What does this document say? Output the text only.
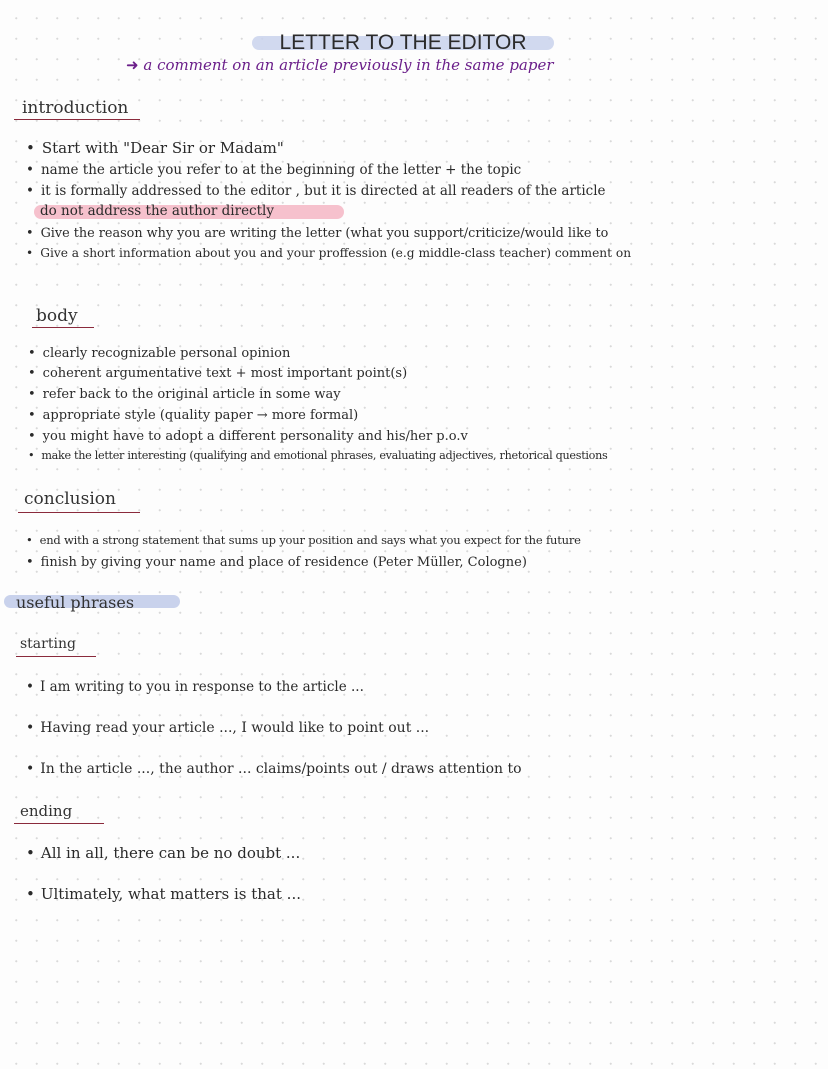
LETTER TO THE EDITOR
➜ a comment on an article previously in the same paper
introduction
• Start with "Dear Sir or Madam"
• name the article you refer to at the beginning of the letter + the topic
• it is formally addressed to the editor , but it is directed at all readers of the article
do not address the author directly
• Give the reason why you are writing the letter (what you support/criticize/would like to
• Give a short information about you and your proffession (e.g middle-class teacher) comment on
body
• clearly recognizable personal opinion
• coherent argumentative text + most important point(s)
• refer back to the original article in some way
• appropriate style (quality paper → more formal)
• you might have to adopt a different personality and his/her p.o.v
• make the letter interesting (qualifying and emotional phrases, evaluating adjectives, rhetorical questions
conclusion
• end with a strong statement that sums up your position and says what you expect for the future
• finish by giving your name and place of residence (Peter Müller, Cologne)
useful phrases
starting
• I am writing to you in response to the article ...
• Having read your article ..., I would like to point out ...
• In the article ..., the author ... claims/points out / draws attention to
ending
• All in all, there can be no doubt ...
• Ultimately, what matters is that ...
